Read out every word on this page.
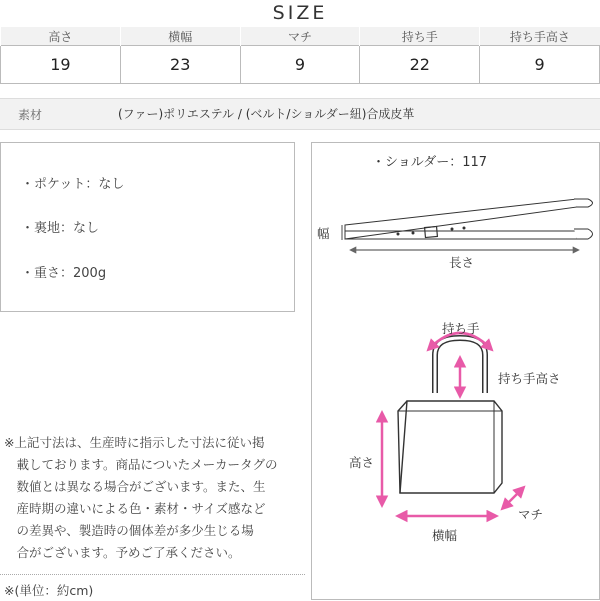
SIZE
高さ	横幅	マチ	持ち手	持ち手高さ
19	23	9	22	9
素材	(ファー)ポリエステル / (ベルト/ショルダー紐)合成皮革
・ポケット：なし
・裏地：なし
・重さ：200g
※上記寸法は、生産時に指示した寸法に従い掲
　載しております。商品についたメーカータグの
　数値とは異なる場合がございます。また、生
　産時期の違いによる色・素材・サイズ感など
　の差異や、製造時の個体差が多少生じる場
　合がございます。予めご了承ください。
※(単位：約cm)
・ショルダー：117
幅
長さ
持ち手
持ち手高さ
高さ
マチ
横幅
